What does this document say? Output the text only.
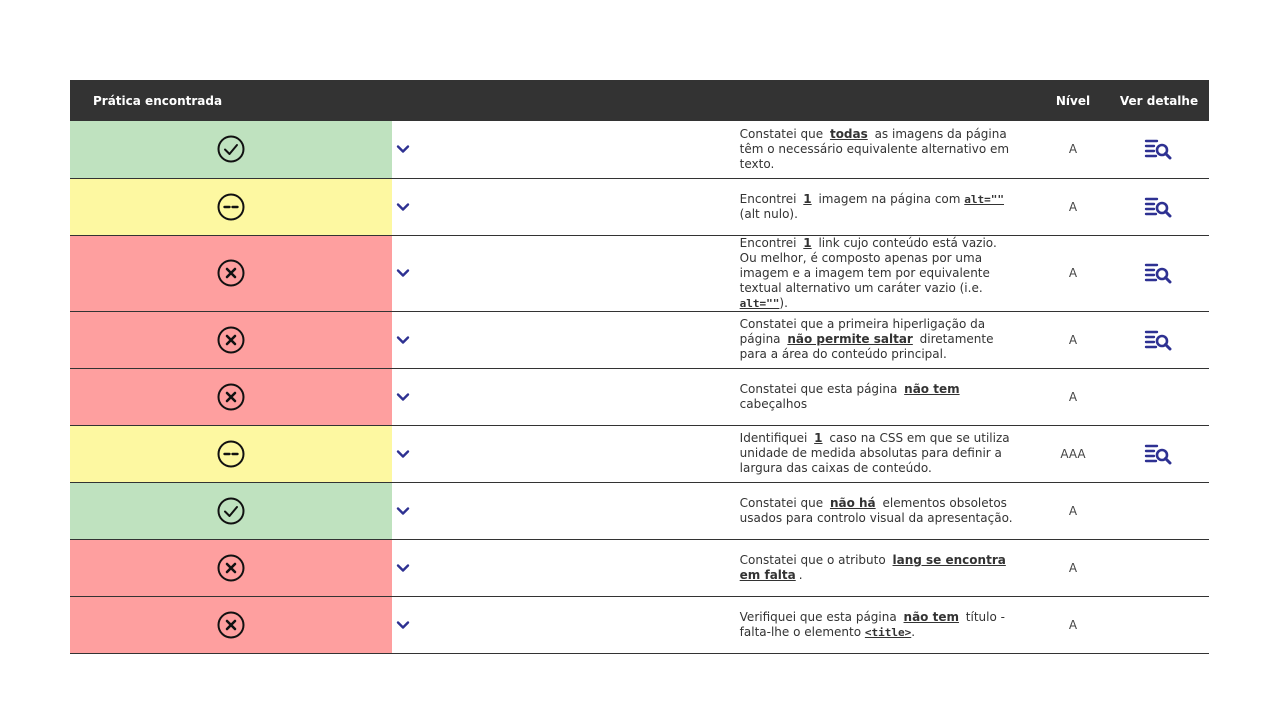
Prática encontrada			Nível	Ver detalhe
		Constatei que todas as imagens da página têm o necessário equivalente alternativo em texto.	A	
		Encontrei 1 imagem na página com alt="" (alt nulo).	A	
		Encontrei 1 link cujo conteúdo está vazio. Ou melhor, é composto apenas por uma imagem e a imagem tem por equivalente textual alternativo um caráter vazio (i.e. alt="").	A	
		Constatei que a primeira hiperligação da página não permite saltar diretamente para a área do conteúdo principal.	A	
		Constatei que esta página não tem cabeçalhos	A	
		Identifiquei 1 caso na CSS em que se utiliza unidade de medida absolutas para definir a largura das caixas de conteúdo.	AAA	
		Constatei que não há elementos obsoletos usados para controlo visual da apresentação.	A	
		Constatei que o atributo lang se encontra em falta .	A	
		Verifiquei que esta página não tem título - falta-lhe o elemento <title>.	A	
